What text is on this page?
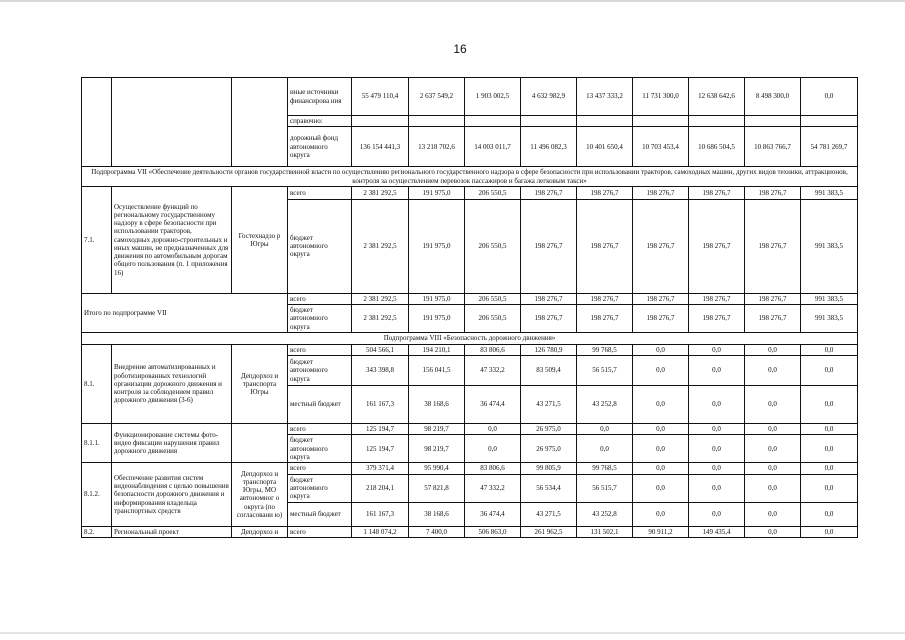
16
			иные источники финансирова ния	55 479 110,4	2 637 549,2	1 903 002,5	4 632 982,9	13 437 333,2	11 731 300,0	12 638 642,6	8 498 300,0	0,0
			справочно:									
			дорожный фонд автономного округа	136 154 441,3	13 218 702,6	14 003 011,7	11 496 082,3	10 401 650,4	10 703 453,4	10 686 504,5	10 863 766,7	54 781 269,7
Подпрограмма VII «Обеспечение деятельности органов государственной власти по осуществлению регионального государственного надзора в сфере безопасности при использовании тракторов, самоходных машин, других видов техники, аттракционов, контроля за осуществлением перевозок пассажиров и багажа легковым такси»												
7.1.	Осуществление функций по региональному государственному надзору в сфере безопасности при использовании тракторов, самоходных дорожно-строительных и иных машин, не предназначенных для движения по автомобильным дорогам общего пользования (п. 1 приложения 16)	Гостехнадзо р Югры	всего	2 381 292,5	191 975,0	206 550,5	198 276,7	198 276,7	198 276,7	198 276,7	198 276,7	991 383,5
			бюджет автономного округа	2 381 292,5	191 975,0	206 550,5	198 276,7	198 276,7	198 276,7	198 276,7	198 276,7	991 383,5
Итого по подпрограмме VII			всего	2 381 292,5	191 975,0	206 550,5	198 276,7	198 276,7	198 276,7	198 276,7	198 276,7	991 383,5
			бюджет автономного округа	2 381 292,5	191 975,0	206 550,5	198 276,7	198 276,7	198 276,7	198 276,7	198 276,7	991 383,5
Подпрограмма VIII «Безопасность дорожного движения»												
8.1.	Внедрение автоматизированных и роботизированных технологий организации дорожного движения и контроля за соблюдением правил дорожного движения (3-6)	Депдорхоз и транспорта Югры	всего	504 566,1	194 210,1	83 806,6	126 780,9	99 768,5	0,0	0,0	0,0	0,0
			бюджет автономного округа	343 398,8	156 041,5	47 332,2	83 509,4	56 515,7	0,0	0,0	0,0	0,0
			местный бюджет	161 167,3	38 168,6	36 474,4	43 271,5	43 252,8	0,0	0,0	0,0	0,0
8.1.1.	Функционирование системы фото-видео фиксации нарушения правил дорожного движения		всего	125 194,7	98 219,7	0,0	26 975,0	0,0	0,0	0,0	0,0	0,0
			бюджет автономного округа	125 194,7	98 219,7	0,0	26 975,0	0,0	0,0	0,0	0,0	0,0
8.1.2.	Обеспечение развития систем видеонаблюдения с целью повышения безопасности дорожного движения и информирования владельца транспортных средств	Депдорхоз и транспорта Югры, МО автономног о округа (по согласовани ю)	всего	379 371,4	95 990,4	83 806,6	99 805,9	99 768,5	0,0	0,0	0,0	0,0
			бюджет автономного округа	218 204,1	57 821,8	47 332,2	56 534,4	56 515,7	0,0	0,0	0,0	0,0
			местный бюджет	161 167,3	38 168,6	36 474,4	43 271,5	43 252,8	0,0	0,0	0,0	0,0
8.2.	Региональный проект	Депдорхоз и	всего	1 148 074,2	7 400,0	506 863,0	261 962,5	131 502,1	90 911,2	149 435,4	0,0	0,0
